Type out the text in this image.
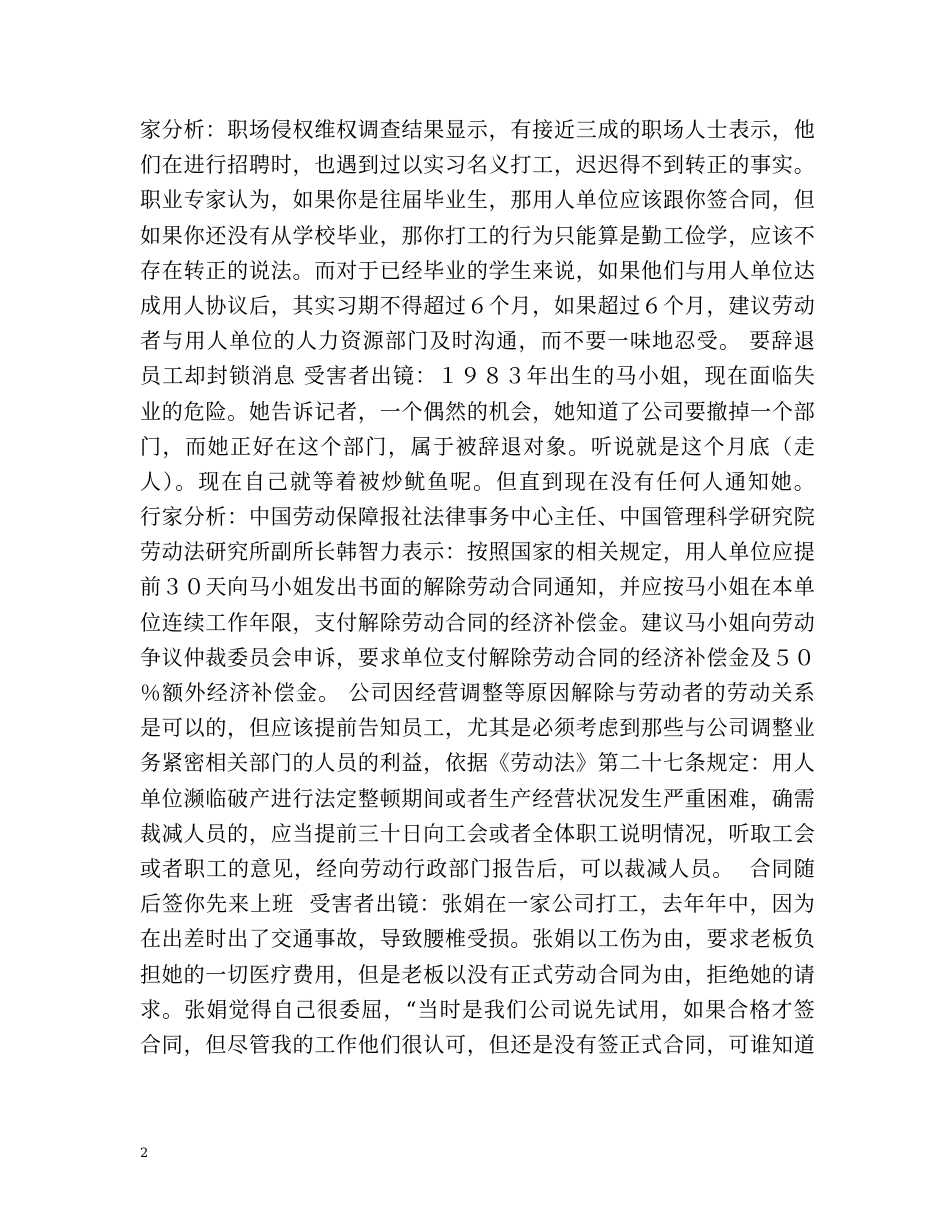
家分析：职场侵权维权调查结果显示，有接近三成的职场人士表示，他
们在进行招聘时，也遇到过以实习名义打工，迟迟得不到转正的事实。
职业专家认为，如果你是往届毕业生，那用人单位应该跟你签合同，但
如果你还没有从学校毕业，那你打工的行为只能算是勤工俭学，应该不
存在转正的说法。而对于已经毕业的学生来说，如果他们与用人单位达
成用人协议后，其实习期不得超过６个月，如果超过６个月，建议劳动
者与用人单位的人力资源部门及时沟通，而不要一味地忍受。 要辞退
员工却封锁消息 受害者出镜：１９８３年出生的马小姐，现在面临失
业的危险。她告诉记者，一个偶然的机会，她知道了公司要撤掉一个部
门，而她正好在这个部门，属于被辞退对象。听说就是这个月底（走
人）。现在自己就等着被炒鱿鱼呢。但直到现在没有任何人通知她。
行家分析：中国劳动保障报社法律事务中心主任、中国管理科学研究院
劳动法研究所副所长韩智力表示：按照国家的相关规定，用人单位应提
前３０天向马小姐发出书面的解除劳动合同通知，并应按马小姐在本单
位连续工作年限，支付解除劳动合同的经济补偿金。建议马小姐向劳动
争议仲裁委员会申诉，要求单位支付解除劳动合同的经济补偿金及５０
％额外经济补偿金。 公司因经营调整等原因解除与劳动者的劳动关系
是可以的，但应该提前告知员工，尤其是必须考虑到那些与公司调整业
务紧密相关部门的人员的利益，依据《劳动法》第二十七条规定：用人
单位濒临破产进行法定整顿期间或者生产经营状况发生严重困难，确需
裁减人员的，应当提前三十日向工会或者全体职工说明情况，听取工会
或者职工的意见，经向劳动行政部门报告后，可以裁减人员。  合同随
后签你先来上班  受害者出镜：张娟在一家公司打工，去年年中，因为
在出差时出了交通事故，导致腰椎受损。张娟以工伤为由，要求老板负
担她的一切医疗费用，但是老板以没有正式劳动合同为由，拒绝她的请
求。张娟觉得自己很委屈，“当时是我们公司说先试用，如果合格才签
合同，但尽管我的工作他们很认可，但还是没有签正式合同，可谁知道
2
